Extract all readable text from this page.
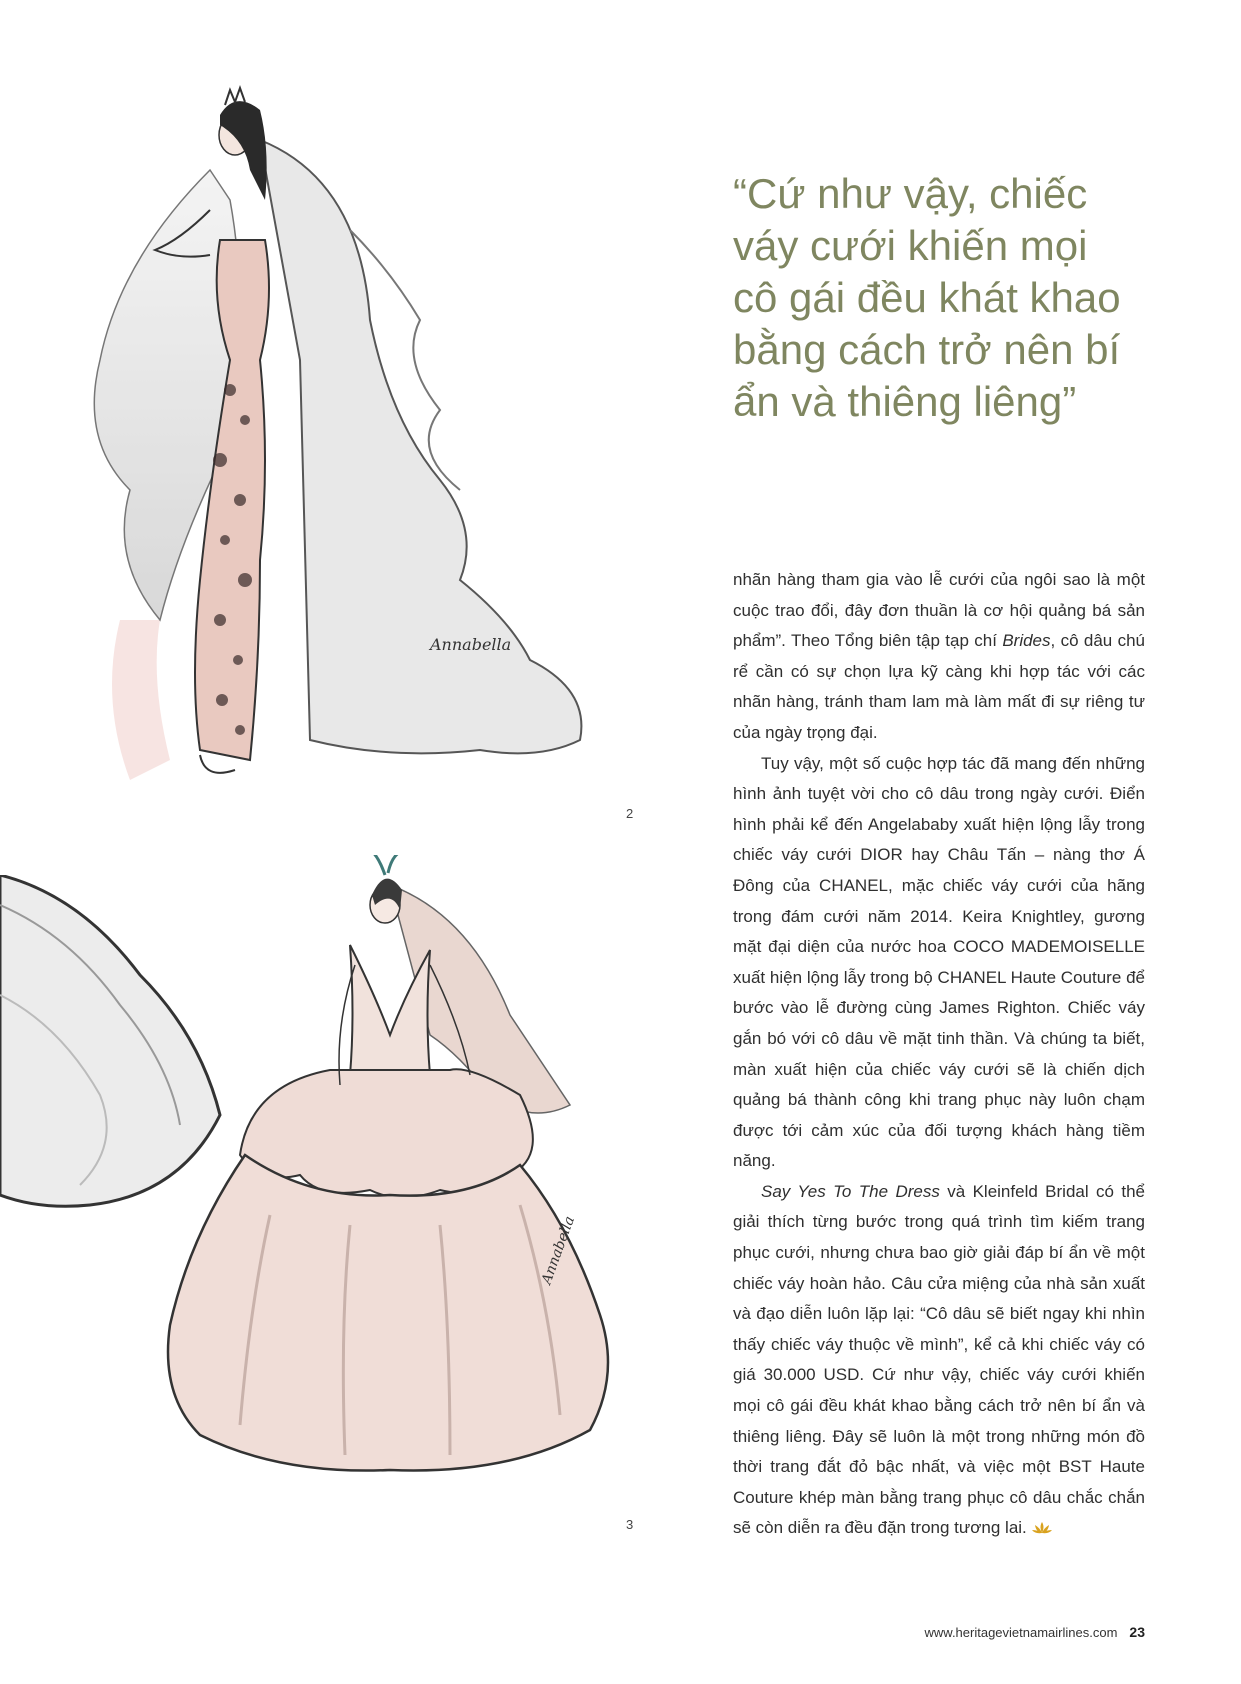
Annabella
Annabella
2
3
“Cứ như vậy, chiếc váy cưới khiến mọi cô gái đều khát khao bằng cách trở nên bí ẩn và thiêng liêng”

nhãn hàng tham gia vào lễ cưới của ngôi sao là một cuộc trao đổi, đây đơn thuần là cơ hội quảng bá sản phẩm”. Theo Tổng biên tập tạp chí Brides, cô dâu chú rể cần có sự chọn lựa kỹ càng khi hợp tác với các nhãn hàng, tránh tham lam mà làm mất đi sự riêng tư của ngày trọng đại.

Tuy vậy, một số cuộc hợp tác đã mang đến những hình ảnh tuyệt vời cho cô dâu trong ngày cưới. Điển hình phải kể đến Angelababy xuất hiện lộng lẫy trong chiếc váy cưới DIOR hay Châu Tấn – nàng thơ Á Đông của CHANEL, mặc chiếc váy cưới của hãng trong đám cưới năm 2014. Keira Knightley, gương mặt đại diện của nước hoa COCO MADEMOISELLE xuất hiện lộng lẫy trong bộ CHANEL Haute Couture để bước vào lễ đường cùng James Righton. Chiếc váy gắn bó với cô dâu về mặt tinh thần. Và chúng ta biết, màn xuất hiện của chiếc váy cưới sẽ là chiến dịch quảng bá thành công khi trang phục này luôn chạm được tới cảm xúc của đối tượng khách hàng tiềm năng.

Say Yes To The Dress và Kleinfeld Bridal có thể giải thích từng bước trong quá trình tìm kiếm trang phục cưới, nhưng chưa bao giờ giải đáp bí ẩn về một chiếc váy hoàn hảo. Câu cửa miệng của nhà sản xuất và đạo diễn luôn lặp lại: “Cô dâu sẽ biết ngay khi nhìn thấy chiếc váy thuộc về mình”, kể cả khi chiếc váy có giá 30.000 USD. Cứ như vậy, chiếc váy cưới khiến mọi cô gái đều khát khao bằng cách trở nên bí ẩn và thiêng liêng. Đây sẽ luôn là một trong những món đồ thời trang đắt đỏ bậc nhất, và việc một BST Haute Couture khép màn bằng trang phục cô dâu chắc chắn sẽ còn diễn ra đều đặn trong tương lai.

www.heritagevietnamairlines.com 23
